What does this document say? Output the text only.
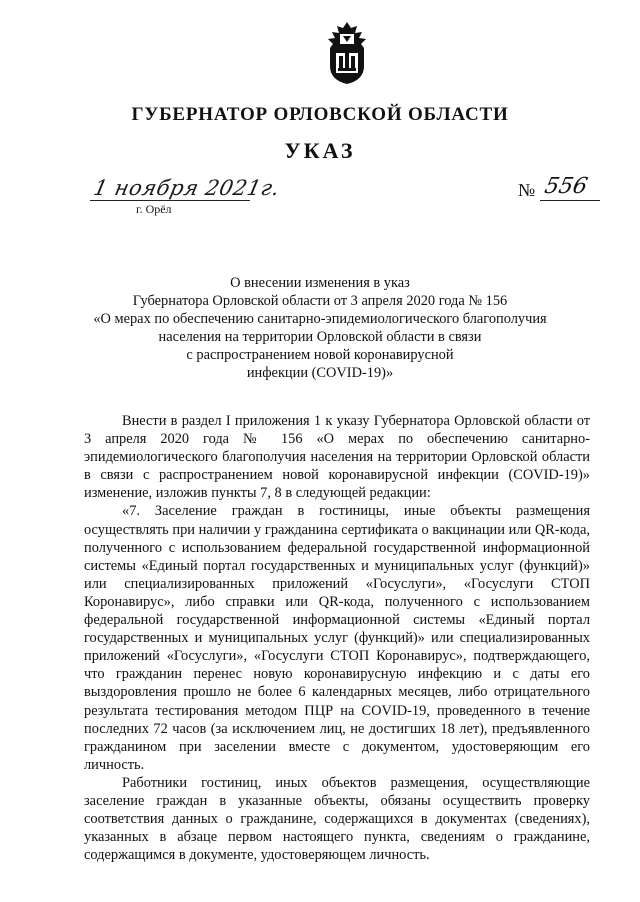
ГУБЕРНАТОР ОРЛОВСКОЙ ОБЛАСТИ
УКАЗ
1 ноября 2021г.
г. Орёл
№ 556
О внесении изменения в указ
Губернатора Орловской области от 3 апреля 2020 года № 156
«О мерах по обеспечению санитарно-эпидемиологического благополучия
населения на территории Орловской области в связи
с распространением новой коронавирусной
инфекции (COVID-19)»

Внести в раздел I приложения 1 к указу Губернатора Орловской области от 3 апреля 2020 года № 156 «О мерах по обеспечению санитарно-эпидемиологического благополучия населения на территории Орловской области в связи с распространением новой коронавирусной инфекции (COVID-19)» изменение, изложив пункты 7, 8 в следующей редакции:

«7. Заселение граждан в гостиницы, иные объекты размещения осуществлять при наличии у гражданина сертификата о вакцинации или QR-кода, полученного с использованием федеральной государственной информационной системы «Единый портал государственных и муниципальных услуг (функций)» или специализированных приложений «Госуслуги», «Госуслуги СТОП Коронавирус», либо справки или QR-кода, полученного с использованием федеральной государственной информационной системы «Единый портал государственных и муниципальных услуг (функций)» или специализированных приложений «Госуслуги», «Госуслуги СТОП Коронавирус», подтверждающего, что гражданин перенес новую коронавирусную инфекцию и с даты его выздоровления прошло не более 6 календарных месяцев, либо отрицательного результата тестирования методом ПЦР на COVID-19, проведенного в течение последних 72 часов (за исключением лиц, не достигших 18 лет), предъявленного гражданином при заселении вместе с документом, удостоверяющим его личность.

Работники гостиниц, иных объектов размещения, осуществляющие заселение граждан в указанные объекты, обязаны осуществить проверку соответствия данных о гражданине, содержащихся в документах (сведениях), указанных в абзаце первом настоящего пункта, сведениям о гражданине, содержащимся в документе, удостоверяющем личность.
